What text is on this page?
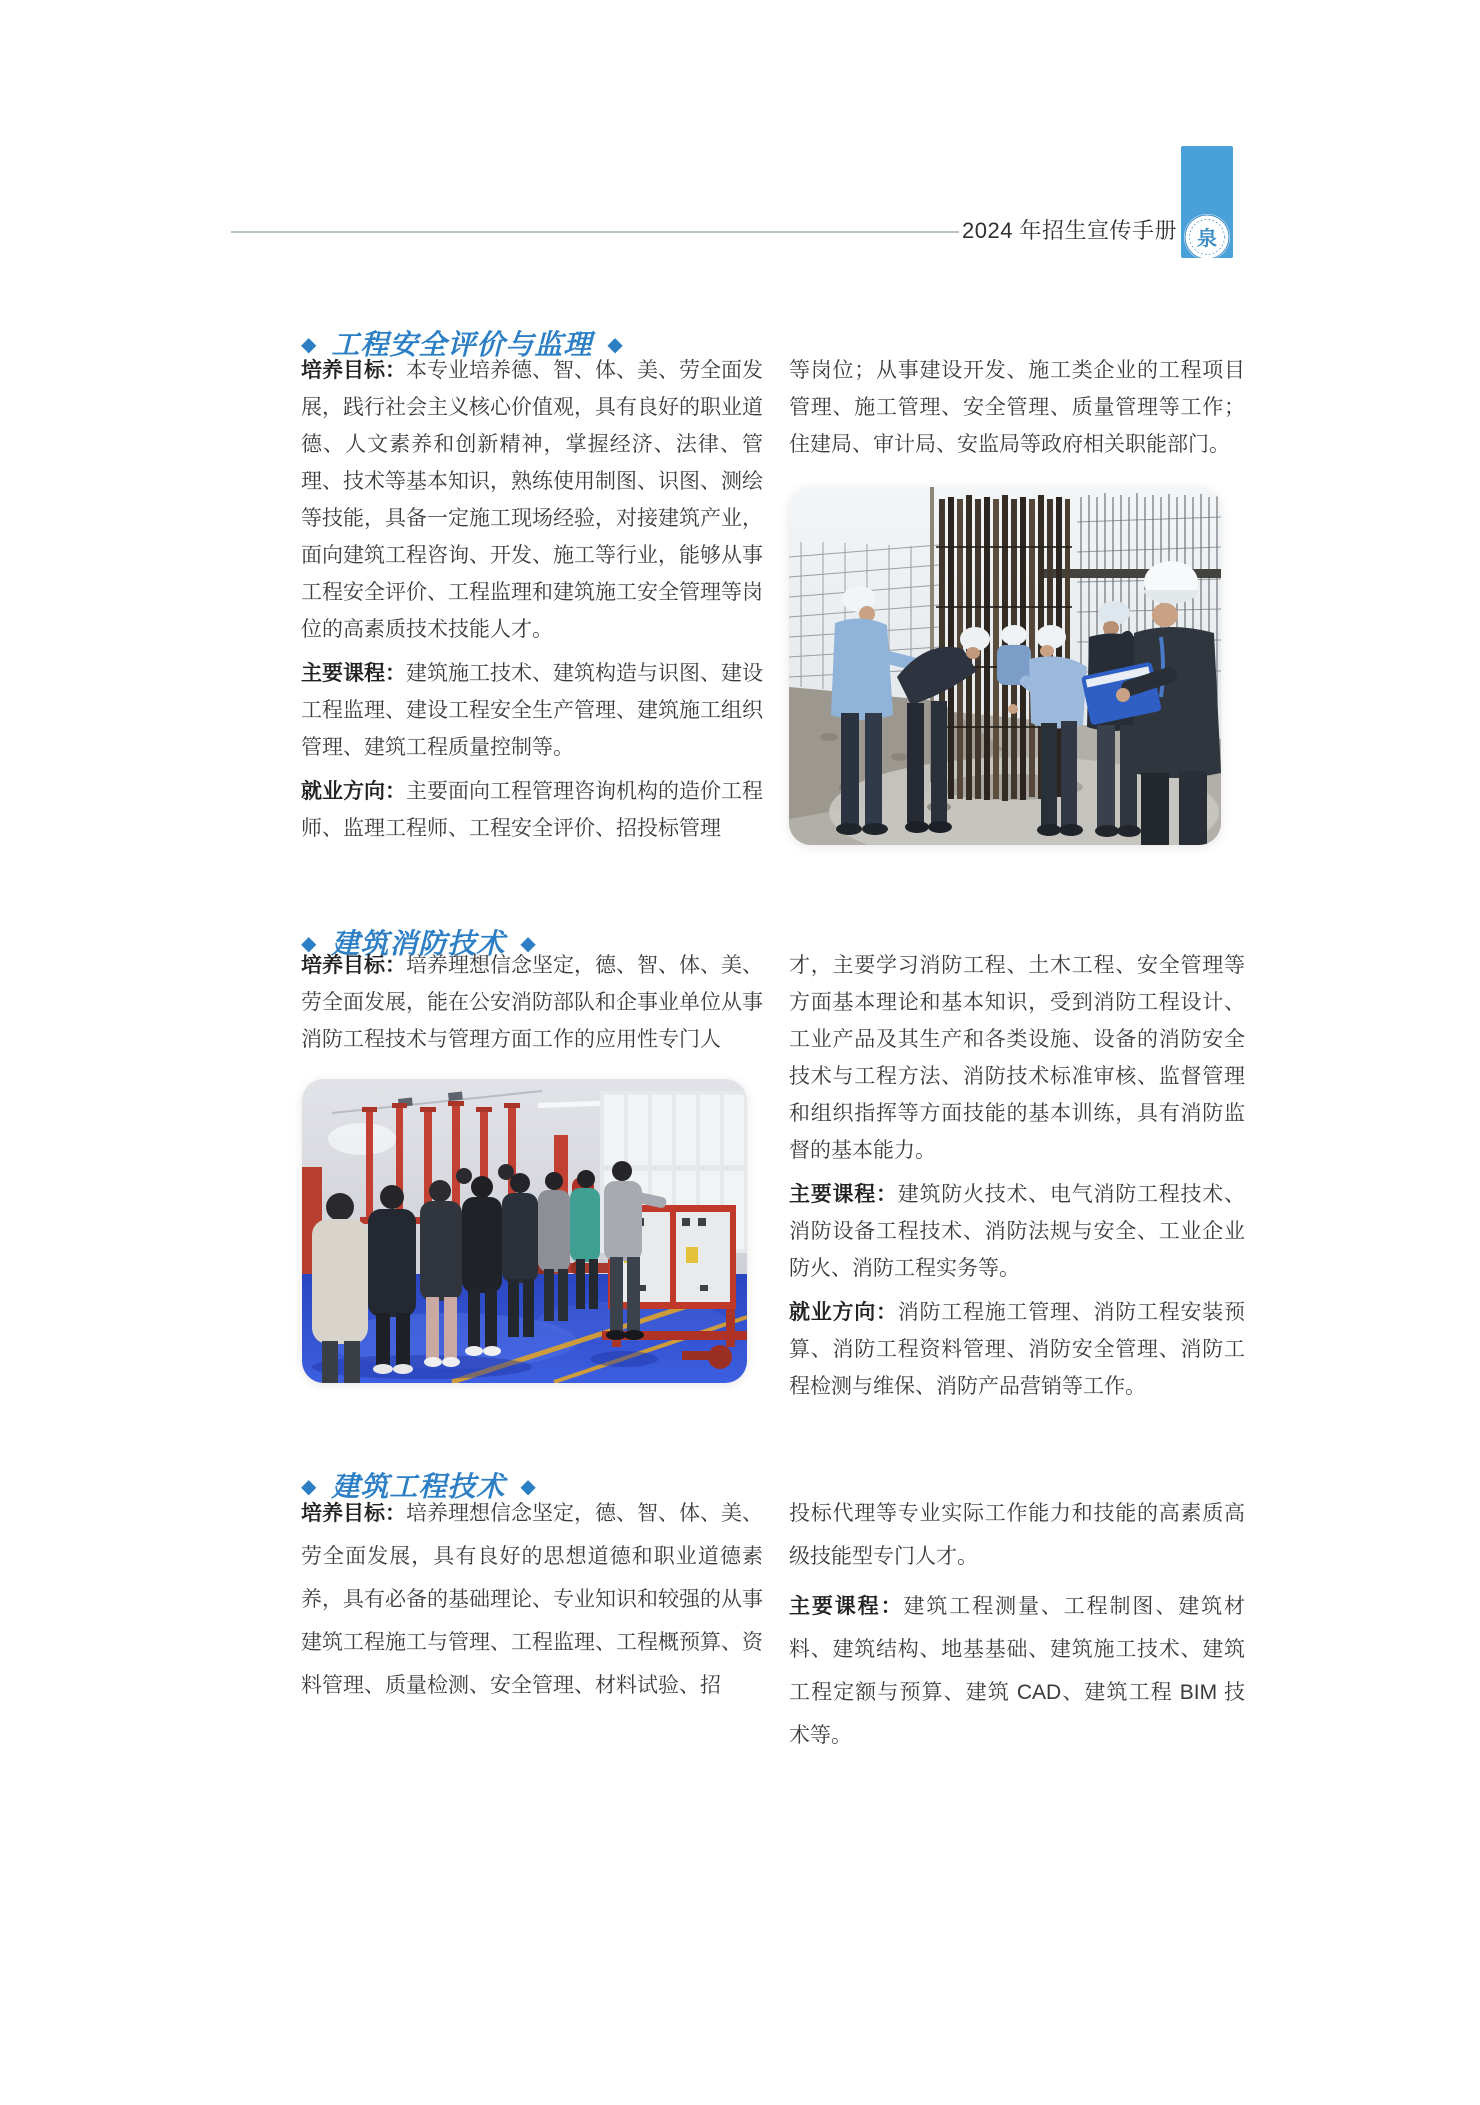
2024 年招生宣传手册 泉
◆ 工程安全评价与监理 ◆

培养目标：本专业培养德、智、体、美、劳全面发展，践行社会主义核心价值观，具有良好的职业道德、人文素养和创新精神，掌握经济、法律、管理、技术等基本知识，熟练使用制图、识图、测绘等技能，具备一定施工现场经验，对接建筑产业，面向建筑工程咨询、开发、施工等行业，能够从事工程安全评价、工程监理和建筑施工安全管理等岗位的高素质技术技能人才。

主要课程：建筑施工技术、建筑构造与识图、建设工程监理、建设工程安全生产管理、建筑施工组织管理、建筑工程质量控制等。

就业方向：主要面向工程管理咨询机构的造价工程师、监理工程师、工程安全评价、招投标管理

等岗位；从事建设开发、施工类企业的工程项目管理、施工管理、安全管理、质量管理等工作；住建局、审计局、安监局等政府相关职能部门。

◆ 建筑消防技术 ◆

培养目标：培养理想信念坚定，德、智、体、美、劳全面发展，能在公安消防部队和企事业单位从事消防工程技术与管理方面工作的应用性专门人

才，主要学习消防工程、土木工程、安全管理等方面基本理论和基本知识，受到消防工程设计、工业产品及其生产和各类设施、设备的消防安全技术与工程方法、消防技术标准审核、监督管理和组织指挥等方面技能的基本训练，具有消防监督的基本能力。

主要课程：建筑防火技术、电气消防工程技术、消防设备工程技术、消防法规与安全、工业企业防火、消防工程实务等。

就业方向：消防工程施工管理、消防工程安装预算、消防工程资料管理、消防安全管理、消防工程检测与维保、消防产品营销等工作。

◆ 建筑工程技术 ◆

培养目标：培养理想信念坚定，德、智、体、美、劳全面发展，具有良好的思想道德和职业道德素养，具有必备的基础理论、专业知识和较强的从事建筑工程施工与管理、工程监理、工程概预算、资料管理、质量检测、安全管理、材料试验、招

投标代理等专业实际工作能力和技能的高素质高级技能型专门人才。

主要课程：建筑工程测量、工程制图、建筑材料、建筑结构、地基基础、建筑施工技术、建筑工程定额与预算、建筑 CAD、建筑工程 BIM 技术等。
